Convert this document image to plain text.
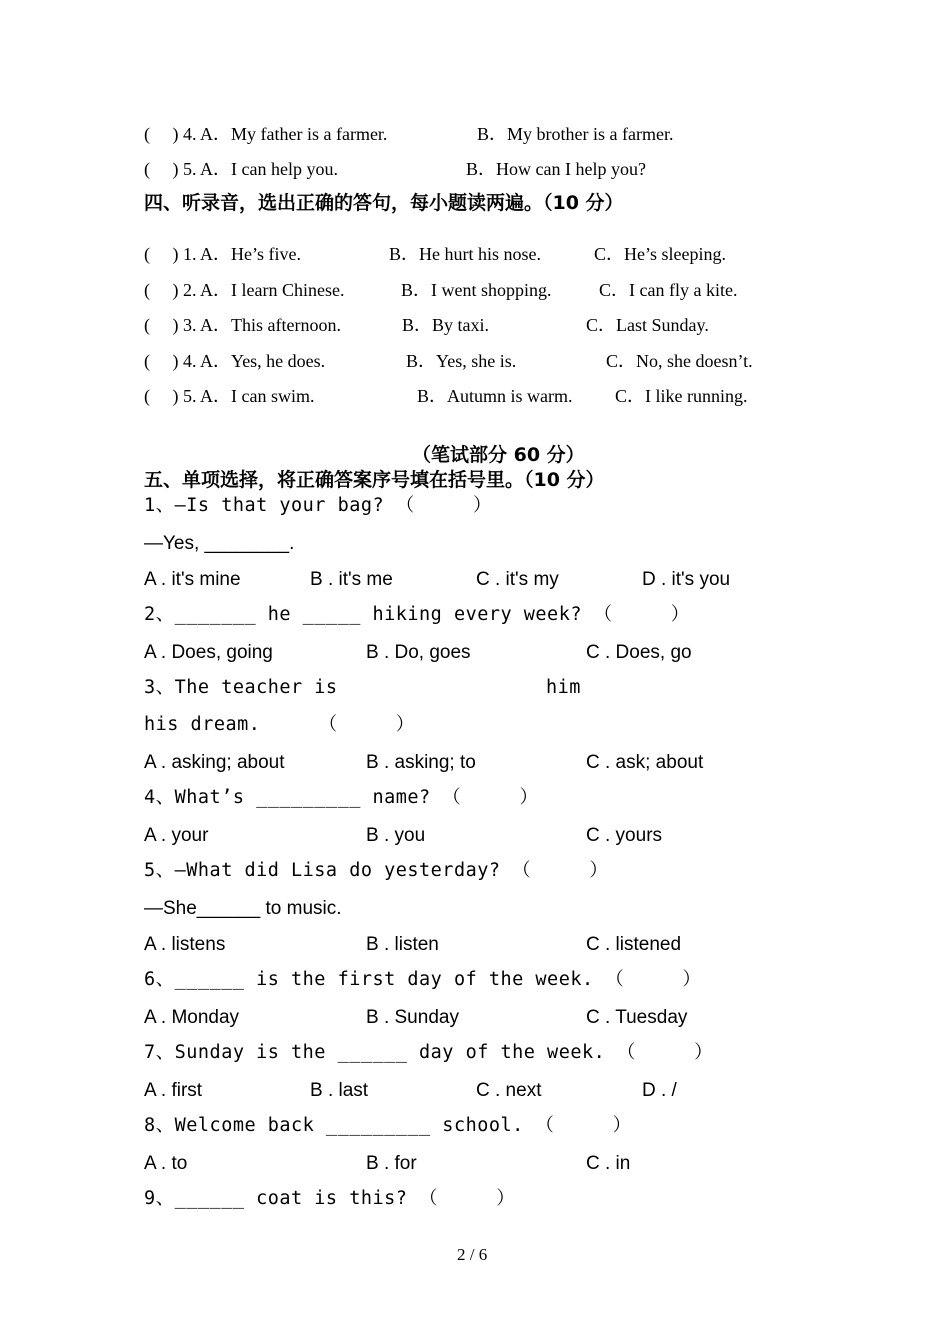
(     ) 4. A．My father is a farmer.	B．My brother is a farmer.
(     ) 5. A．I can help you.	B．How can I help you?
四、听录音，选出正确的答句，每小题读两遍。（10 分）
(     ) 1. A．He’s five.	B．He hurt his nose.	C．He’s sleeping.
(     ) 2. A．I learn Chinese.	B．I went shopping.	C．I can fly a kite.
(     ) 3. A．This afternoon.	B．By taxi.	C．Last Sunday.
(     ) 4. A．Yes, he does.	B．Yes, she is.	C．No, she doesn’t.
(     ) 5. A．I can swim.	B．Autumn is warm. C．I like running.
（笔试部分 60 分）
五、单项选择，将正确答案序号填在括号里。（10 分）
1、—Is that your bag? （     ）
—Yes, ________.
A . it's mine	B . it's me	C . it's my	D . it's you
2、_______ he _____ hiking every week? （     ）
A . Does, going	B . Do, goes	C . Does, go
3、The teacher is	him
his dream.     （     ）
A . asking; about	B . asking; to	C . ask; about
4、What’s _________ name? （     ）
A . your	B . you	C . yours
5、—What did Lisa do yesterday? （     ）
—She______ to music.
A . listens	B . listen	C . listened
6、______ is the first day of the week. （     ）
A . Monday	B . Sunday	C . Tuesday
7、Sunday is the ______ day of the week. （     ）
A . first	B . last	C . next	D . /
8、Welcome back _________ school. （     ）
A . to	B . for	C . in
9、______ coat is this? （     ）
2 / 6
